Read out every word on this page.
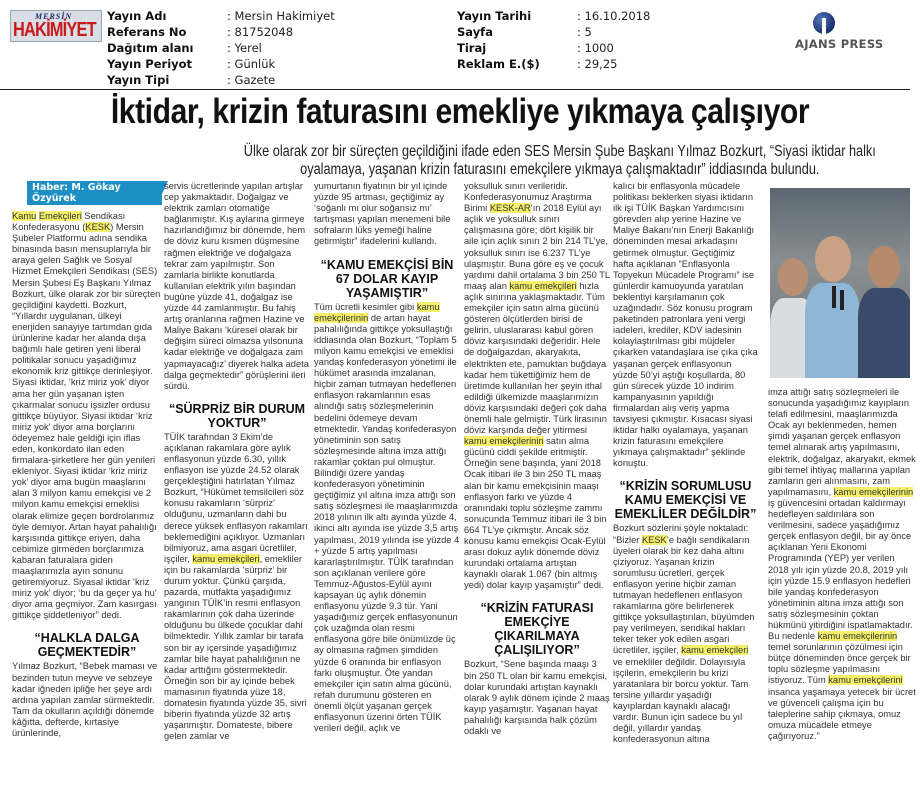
MERSİN
HAKİMİYET
Yayın Adı	: Mersin Hakimiyet
Referans No	: 81752048
Dağıtım alanı	: Yerel
Yayın Periyot	: Günlük
Yayın Tipi	: Gazete
Yayın Tarihi	: 16.10.2018
Sayfa	: 5
Tiraj	: 1000
Reklam E.($)	: 29,25
AJANS PRESS
İktidar, krizin faturasını emekliye yıkmaya çalışıyor
Ülke olarak zor bir süreçten geçildiğini ifade eden SES Mersin Şube Başkanı Yılmaz Bozkurt, “Siyasi iktidar halkı oyalamaya, yaşanan krizin faturasını emekçilere yıkmaya çalışmaktadır” iddiasında bulundu.
Haber: M. Gökay Özyürek

Kamu Emekçileri Sendikası Konfederasyonu (KESK) Mersin Şubeler Platformu adına sendika binasında basın mensuplarıyla bir araya gelen Sağlık ve Sosyal Hizmet Emekçileri Sendikası (SES) Mersin Şubesi Eş Başkanı Yılmaz Bozkurt, ülke olarak zor bir süreçten geçildiğini kaydetti. Bozkurt, “Yıllardır uygulanan, ülkeyi enerjiden sanayiye tartımdan gıda ürünlerine kadar her alanda dışa bağımlı hale getiren yeni liberal politikalar sonucu yaşadığımız ekonomik kriz gittikçe derinleşiyor. Siyasi iktidar, ‘kriz miriz yok’ diyor ama her gün yaşanan işten çıkarmalar sonucu işsizler ordusu gittikçe büyüyor. Siyasi iktidar ‘kriz miriz yok’ diyor ama borçlarını ödeyemez hale geldiği için iflas eden, konkordato ilan eden firmalara-şirketlere her gün yenileri ekleniyor. Siyasi iktidar ‘kriz miriz yok’ diyor ama bugün maaşlarını alan 3 milyon kamu emekçisi ve 2 milyon kamu emekçisi emeklisi olarak elimize geçen bordrolarımız öyle demiyor. Artan hayat pahalılığı karşısında gittikçe eriyen, daha cebimize girmeden borçlarımıza kabaran faturalara giden maaşlarımızla ayın sonunu getiremiyoruz. Siyasal iktidar ‘kriz miriz yok’ diyor; ‘bu da geçer ya hu’ diyor ama geçmiyor. Zam kasırgası gittikçe şiddetleniyor” dedi.

“HALKLA DALGA GEÇMEKTEDİR”

Yılmaz Bozkurt, “Bebek maması ve bezinden tutun meyve ve sebzeye kadar iğneden ipliğe her şeye ardı ardına yapılan zamlar sürmektedir. Tam da okulların açıldığı dönemde kâğıtta, defterde, kırtasiye ürünlerinde,

servis ücretlerinde yapılan artışlar cep yakmaktadır. Doğalgaz ve elektrik zamları otomatiğe bağlanmıştır. Kış aylarına girmeye hazırlandığımız bir dönemde, hem de döviz kuru kısmen düşmesine rağmen elektriğe ve doğalgaza tekrar zam yapılmıştır. Son zamlarla birlikte konutlarda kullanılan elektrik yılın başından bugüne yüzde 41, doğalgaz ise yüzde 44 zamlanmıştır. Bu fahiş artış oranlarına rağmen Hazine ve Maliye Bakanı ‘küresel olarak bir değişim süreci olmazsa yılsonuna kadar elektriğe ve doğalgaza zam yapmayacağız’ diyerek halka adeta dalga geçmektedir” görüşlerini ileri sürdü.

“SÜRPRİZ BİR DURUM YOKTUR”

TÜİK tarafından 3 Ekim’de açıklanan rakamlara göre aylık enflasyonun yüzde 6.30, yıllık enflasyon ise yüzde 24.52 olarak gerçekleştiğini hatırlatan Yılmaz Bozkurt, “Hükümet temsilcileri söz konusu rakamların ‘sürpriz’ olduğunu, uzmanların dahi bu derece yüksek enflasyon rakamları beklemediğini açıklıyor. Uzmanları bilmiyoruz, ama asgari ücretliler, işçiler, kamu emekçileri, emekliler için bu rakamlarda ‘sürpriz’ bir durum yoktur. Çünkü çarşıda, pazarda, mutfakta yaşadığımız yangının TÜİK’in resmi enflasyon rakamlarının çok daha üzerinde olduğunu bu ülkede çocuklar dahi bilmektedir. Yıllık zamlar bir tarafa son bir ay içersinde yaşadığımız zamlar bile hayat pahalılığının ne kadar arttığını göstermektedir. Örneğin son bir ay içinde bebek mamasının fiyatında yüze 18, domatesin fiyatında yüzde 35, sivri biberin fiyatında yüzde 32 artış yaşanmıştır. Domateste, bibere gelen zamlar ve

yumurtanın fiyatının bir yıl içinde yüzde 95 artması, geçtiğimiz ay ‘soğanlı mı olur soğansız mı’ tartışması yapılan menemeni bile sofraların lüks yemeği haline getirmiştir” ifadelerini kullandı.

“KAMU EMEKÇİSİ BİN 67 DOLAR KAYIP YAŞAMIŞTIR”

Tüm ücretli kesimler gibi kamu emekçilerinin de artan hayat pahalılığında gittikçe yoksullaştığı iddiasında olan Bozkurt, “Toplam 5 milyon kamu emekçisi ve emeklisi yandaş konfederasyon yönetimi ile hükümet arasında imzalanan, hiçbir zaman tutmayan hedeflenen enflasyon rakamlarının esas alındığı satış sözleşmelerinin bedelini ödemeye devam etmektedir. Yandaş konfederasyon yönetiminin son satış sözleşmesinde altına imza attığı rakamlar çoktan pul olmuştur. Bilindiği üzere yandaş konfederasyon yönetiminin geçtiğimiz yıl altına imza attığı son satış sözleşmesi ile maaşlarımızda 2018 yılının ilk altı ayında yüzde 4, ikinci altı ayında ise yüzde 3,5 artış yapılması, 2019 yılında ise yüzde 4 + yüzde 5 artış yapılması kararlaştırılmıştır. TÜİK tarafından son açıklanan verilere göre Temmuz-Ağustos-Eylül ayını kapsayan üç aylık dönemin enflasyonu yüzde 9.3 tür. Yani yaşadığımız gerçek enflasyonunun çok uzağında olan resmi enflasyona göre bile önümüzde üç ay olmasına rağmen şimdiden yüzde 6 oranında bir enflasyon farkı oluşmuştur. Öte yandan emekçiler için satın alma gücünü, refah durumunu gösteren en önemli ölçüt yaşanan gerçek enflasyonun üzerini örten TÜİK verileri değil, açlık ve

yoksulluk sınırı verileridir. Konfederasyonumuz Araştırma Birimi KESK-AR’ın 2018 Eylül ayı açlık ve yoksulluk sınırı çalışmasına göre; dört kişilik bir aile için açlık sınırı 2 bin 214 TL’ye, yoksulluk sınırı ise 6.237 TL’ye ulaşmıştır. Buna göre eş ve çocuk yardımı dahil ortalama 3 bin 250 TL maaş alan kamu emekçileri hızla açlık sınırına yaklaşmaktadır. Tüm emekçiler için satın alma gücünü gösteren ölçütlerden birisi de gelirin, uluslararası kabul gören döviz karşısındaki değeridir. Hele de doğalgazdan, akaryakıta, elektrikten ete, pamuktan buğdaya kadar hem tükettiğimiz hem de üretimde kullanılan her şeyin ithal edildiği ülkemizde maaşlarımızın döviz karşısındaki değeri çok daha önemli hale gelmiştir. Türk lirasının döviz karşında değer yitirmesi kamu emekçilerinin satın alma gücünü ciddi şekilde eritmiştir. Örneğin sene başında, yani 2018 Ocak itibari ile 3 bin 250 TL maaş alan bir kamu emekçisinin maaşı enflasyon farkı ve yüzde 4 oranındaki toplu sözleşme zammı sonucunda Temmuz itibari ile 3 bin 664 TL’ye çıkmıştır. Ancak söz konusu kamu emekçisi Ocak-Eylül arası dokuz aylık dönemde döviz kurundaki ortalama artıştan kaynaklı olarak 1.067 (bin altmış yedi) dolar kayıp yaşamıştır” dedi.

“KRİZİN FATURASI EMEKÇİYE ÇIKARILMAYA ÇALIŞILIYOR”

Bozkurt, “Sene başında maaşı 3 bin 250 TL olan bir kamu emekçisi, dolar kurundaki artıştan kaynaklı olarak 9 aylık dönem içinde 2 maaş kayıp yaşamıştır. Yaşanan hayat pahalılığı karşısında halk çözüm odaklı ve

kalıcı bir enflasyonla mücadele politikası beklerken siyasi iktidarın ilk işi TÜİK Başkan Yardımcısını görevden alıp yerine Hazine ve Maliye Bakanı’nın Enerji Bakanlığı döneminden mesai arkadaşını getirmek olmuştur. Geçtiğimiz hafta açıklanan “Enflasyonla Topyekun Mücadele Programı” ise günlerdir kamuoyunda yaratılan beklentiyi karşılamanın çok uzağındadır. Söz konusu program paketinden patronlara yeni vergi iadeleri, krediler, KDV iadesinin kolaylaştırılması gibi müjdeler çıkarken vatandaşlara ise çıka çıka yaşanan gerçek enflasyonun yüzde 50’yi aştığı koşullarda, 80 gün sürecek yüzde 10 indirim kampanyasının yapıldığı firmalardan alış veriş yapma tavsiyesi çıkmıştır. Kısacası siyasi iktidar halkı oyalamaya, yaşanan krizin faturasını emekçilere yıkmaya çalışmaktadır” şeklinde konuştu.

“KRİZİN SORUMLUSU KAMU EMEKÇİSİ VE EMEKLİLER DEĞİLDİR”

Bozkurt sözlerini şöyle noktaladı: “Bizler KESK’e bağlı sendikaların üyeleri olarak bir kez daha altını çiziyoruz. Yaşanan krizin sorumlusu ücretleri, gerçek enflasyon yerine hiçbir zaman tutmayan hedeflenen enflasyon rakamlarına göre belirlenerek gittikçe yoksullaştırılan, büyümden pay verilmeyen, sendikal hakları teker teker yok edilen asgari ücretliler, işçiler, kamu emekçileri ve emekliler değildir. Dolayısıyla işçilerin, emekçilerin bu krizi yaratanlara bir borcu yoktur. Tam tersine yıllardır yaşadığı kayıplardan kaynaklı alacağı vardır. Bunun için sadece bu yıl değil, yıllardır yandaş konfederasyonun altına

imza attığı satış sözleşmeleri ile sonucunda yaşadığımız kayıpların telafi edilmesini, maaşlarımızda Ocak ayı beklenmeden, hemen şimdi yaşanan gerçek enflasyon temel alınarak artış yapılmasını, elektrik, doğalgaz, akaryakıt, ekmek gibi temel ihtiyaç mallarına yapılan zamların geri alınmasını, zam yapılmamasını, kamu emekçilerinin iş güvencesini ortadan kaldırmayı hedefleyen saldırılara son verilmesini, sadece yaşadığımız gerçek enflasyon değil, bir ay önce açıklanan Yeni Ekonomi Programında (YEP) yer verilen 2018 yılı için yüzde 20.8, 2019 yılı için yüzde 15.9 enflasyon hedefleri bile yandaş konfederasyon yönetiminin altına imza attığı son satış sözleşmesinin çoktan hükmünü yitirdiğini ispatlamaktadır. Bu nedenle kamu emekçilerinin temel sorunlarının çözülmesi için bütçe döneminden önce gerçek bir toplu sözleşme yapılmasını istiyoruz. Tüm kamu emekçilerini insanca yaşamaya yetecek bir ücret ve güvenceli çalışma için bu taleplerine sahip çıkmaya, omuz omuza mücadele etmeye çağırıyoruz.”
